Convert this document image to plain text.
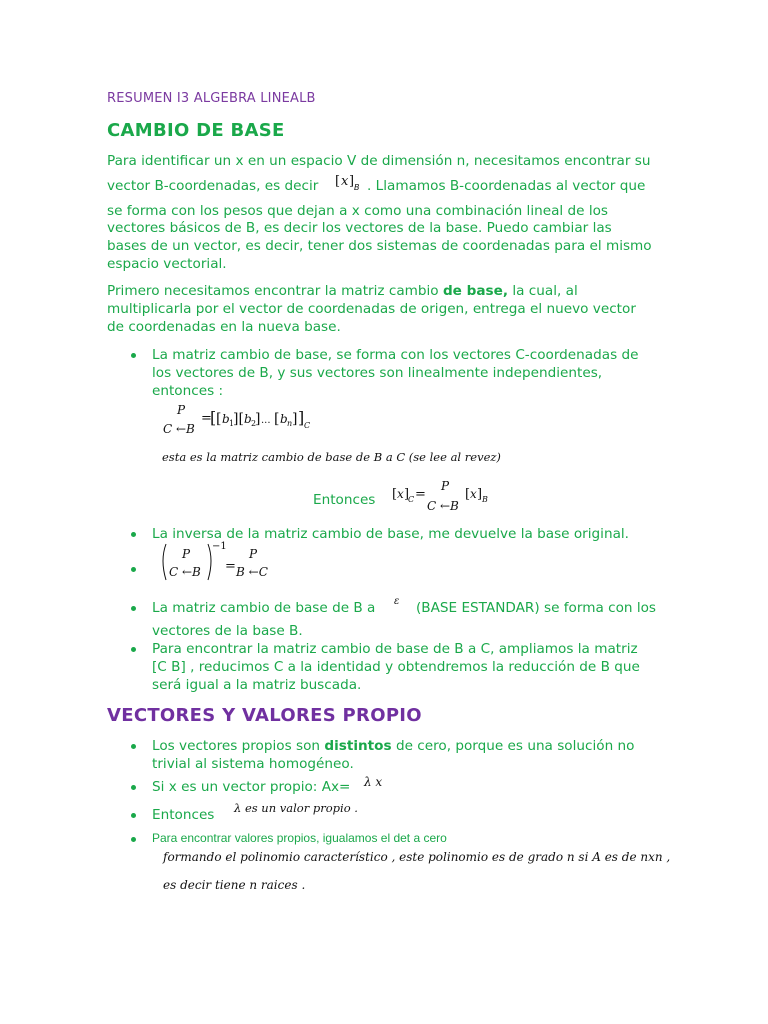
RESUMEN I3 ALGEBRA LINEALB
CAMBIO DE BASE
Para identificar un x en un espacio V de dimensión n, necesitamos encontrar su
vector B-coordenadas, es decir [ x ] B . Llamamos B-coordenadas al vector que
se forma con los pesos que dejan a x como una combinación lineal de los
vectores básicos de B, es decir los vectores de la base. Puedo cambiar las
bases de un vector, es decir, tener dos sistemas de coordenadas para el mismo
espacio vectorial.
Primero necesitamos encontrar la matriz cambio de base, la cual, al
multiplicarla por el vector de coordenadas de origen, entrega el nuevo vector
de coordenadas en la nueva base.
La matriz cambio de base, se forma con los vectores C-coordenadas de
los vectores de B, y sus vectores son linealmente independientes,
entonces :
P
C ←B
=
[ [ b 1
][ b 2
] ... [ b n ] ] C
esta es la matriz cambio de base de B a C (se lee al revez)
Entonces [ x ]
C =
P
C ←B
[ x ] B
La inversa de la matriz cambio de base, me devuelve la base original.
P
C ←B
−1
=
P
B ←C
La matriz cambio de base de B a ε (BASE ESTANDAR) se forma con los
vectores de la base B.
Para encontrar la matriz cambio de base de B a C, ampliamos la matriz
[C B] , reducimos C a la identidad y obtendremos la reducción de B que
será igual a la matriz buscada.
VECTORES Y VALORES PROPIO
Los vectores propios son distintos de cero, porque es una solución no
trivial al sistema homogéneo.
Si x es un vector propio: Ax= λ x
Entonces λ es un valor propio .
Para encontrar valores propios, igualamos el det a cero
formando el polinomio característico , este polinomio es de grado n si A es de nxn ,
es decir tiene n raices .
